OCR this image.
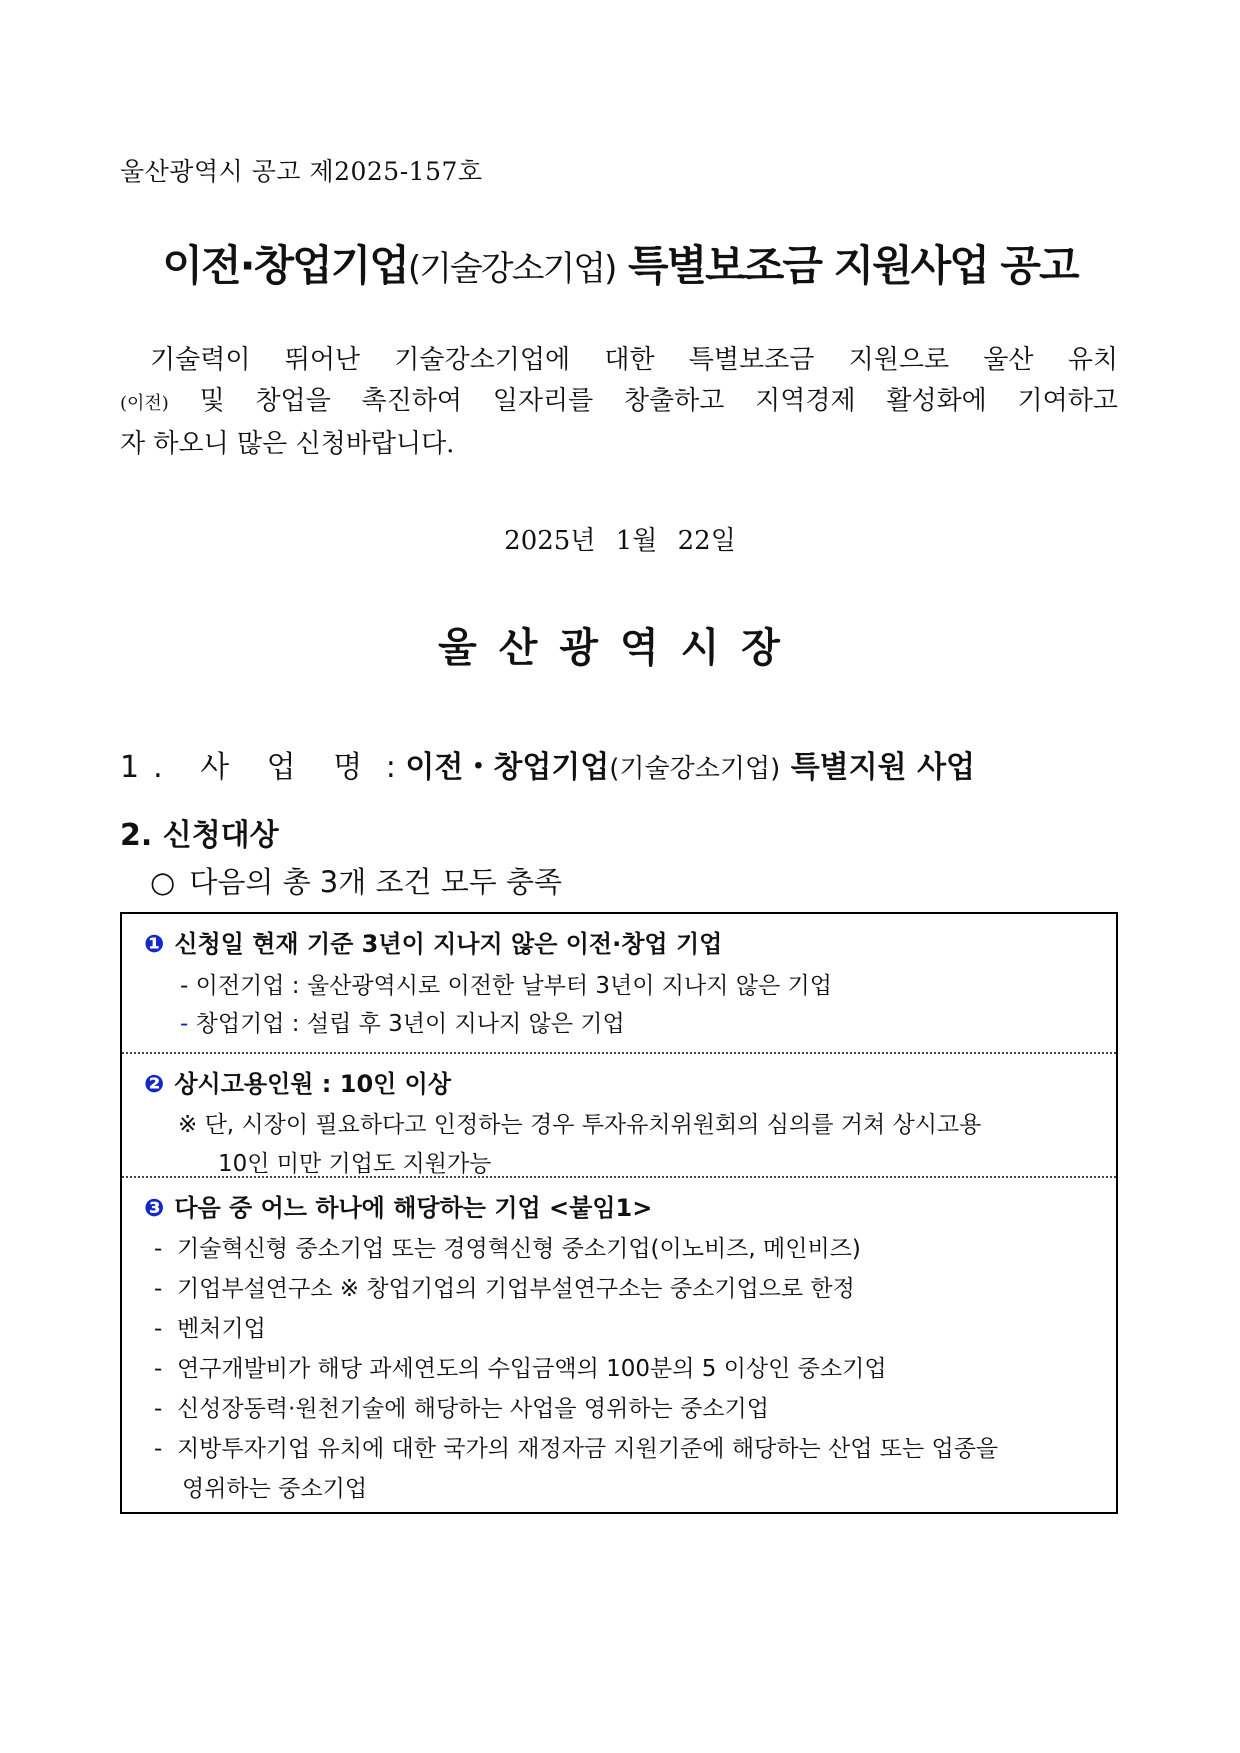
울산광역시 공고 제2025-157호
이전·창업기업(기술강소기업) 특별보조금 지원사업 공고

기술력이 뛰어난 기술강소기업에 대한 특별보조금 지원으로 울산 유치

(이전) 및 창업을 촉진하여 일자리를 창출하고 지역경제 활성화에 기여하고

자 하오니 많은 신청바랍니다.

2025년 1월 22일
울산광역시장
1. 사 업 명 : 이전・창업기업(기술강소기업) 특별지원 사업
2. 신청대상
○ 다음의 총 3개 조건 모두 충족
❶ 신청일 현재 기준 3년이 지나지 않은 이전·창업 기업
- 이전기업 : 울산광역시로 이전한 날부터 3년이 지나지 않은 기업
- 창업기업 : 설립 후 3년이 지나지 않은 기업
❷ 상시고용인원 : 10인 이상
※ 단, 시장이 필요하다고 인정하는 경우 투자유치위원회의 심의를 거쳐 상시고용
10인 미만 기업도 지원가능
❸ 다음 중 어느 하나에 해당하는 기업 <붙임1>
- 기술혁신형 중소기업 또는 경영혁신형 중소기업(이노비즈, 메인비즈)
- 기업부설연구소 ※ 창업기업의 기업부설연구소는 중소기업으로 한정
- 벤처기업
- 연구개발비가 해당 과세연도의 수입금액의 100분의 5 이상인 중소기업
- 신성장동력·원천기술에 해당하는 사업을 영위하는 중소기업
- 지방투자기업 유치에 대한 국가의 재정자금 지원기준에 해당하는 산업 또는 업종을
영위하는 중소기업
